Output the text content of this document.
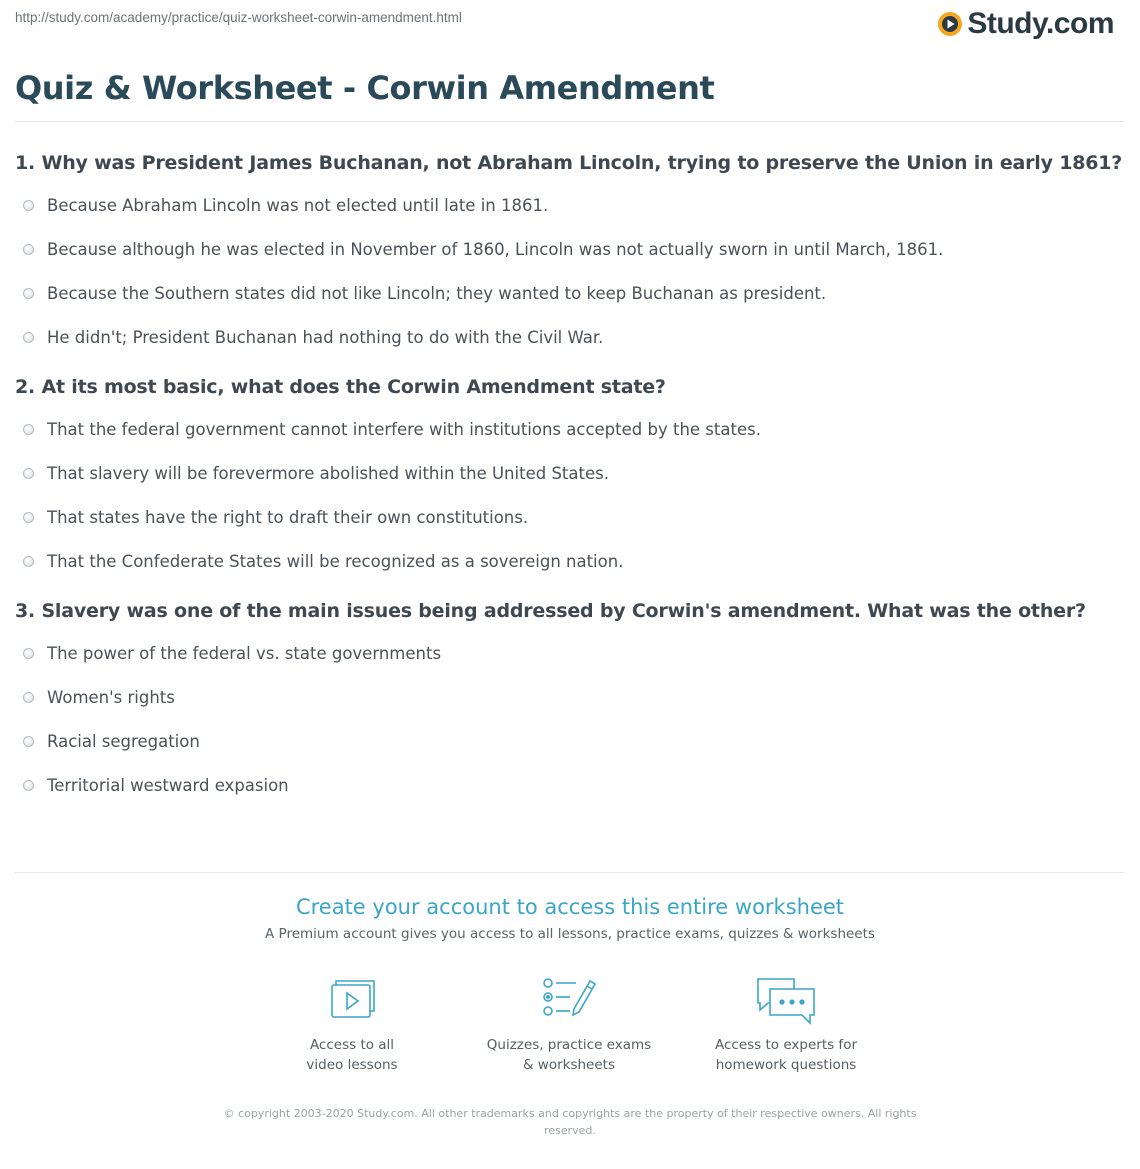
http://study.com/academy/practice/quiz-worksheet-corwin-amendment.html	Study.com
Quiz & Worksheet - Corwin Amendment

1. Why was President James Buchanan, not Abraham Lincoln, trying to preserve the Union in early 1861?

Because Abraham Lincoln was not elected until late in 1861.
Because although he was elected in November of 1860, Lincoln was not actually sworn in until March, 1861.
Because the Southern states did not like Lincoln; they wanted to keep Buchanan as president.
He didn't; President Buchanan had nothing to do with the Civil War.

2. At its most basic, what does the Corwin Amendment state?

That the federal government cannot interfere with institutions accepted by the states.
That slavery will be forevermore abolished within the United States.
That states have the right to draft their own constitutions.
That the Confederate States will be recognized as a sovereign nation.

3. Slavery was one of the main issues being addressed by Corwin's amendment. What was the other?

The power of the federal vs. state governments
Women's rights
Racial segregation
Territorial westward expasion
Create your account to access this entire worksheet
A Premium account gives you access to all lessons, practice exams, quizzes & worksheets
Access to all
video lessons
Quizzes, practice exams
& worksheets
Access to experts for
homework questions
© copyright 2003-2020 Study.com. All other trademarks and copyrights are the property of their respective owners. All rights reserved.
